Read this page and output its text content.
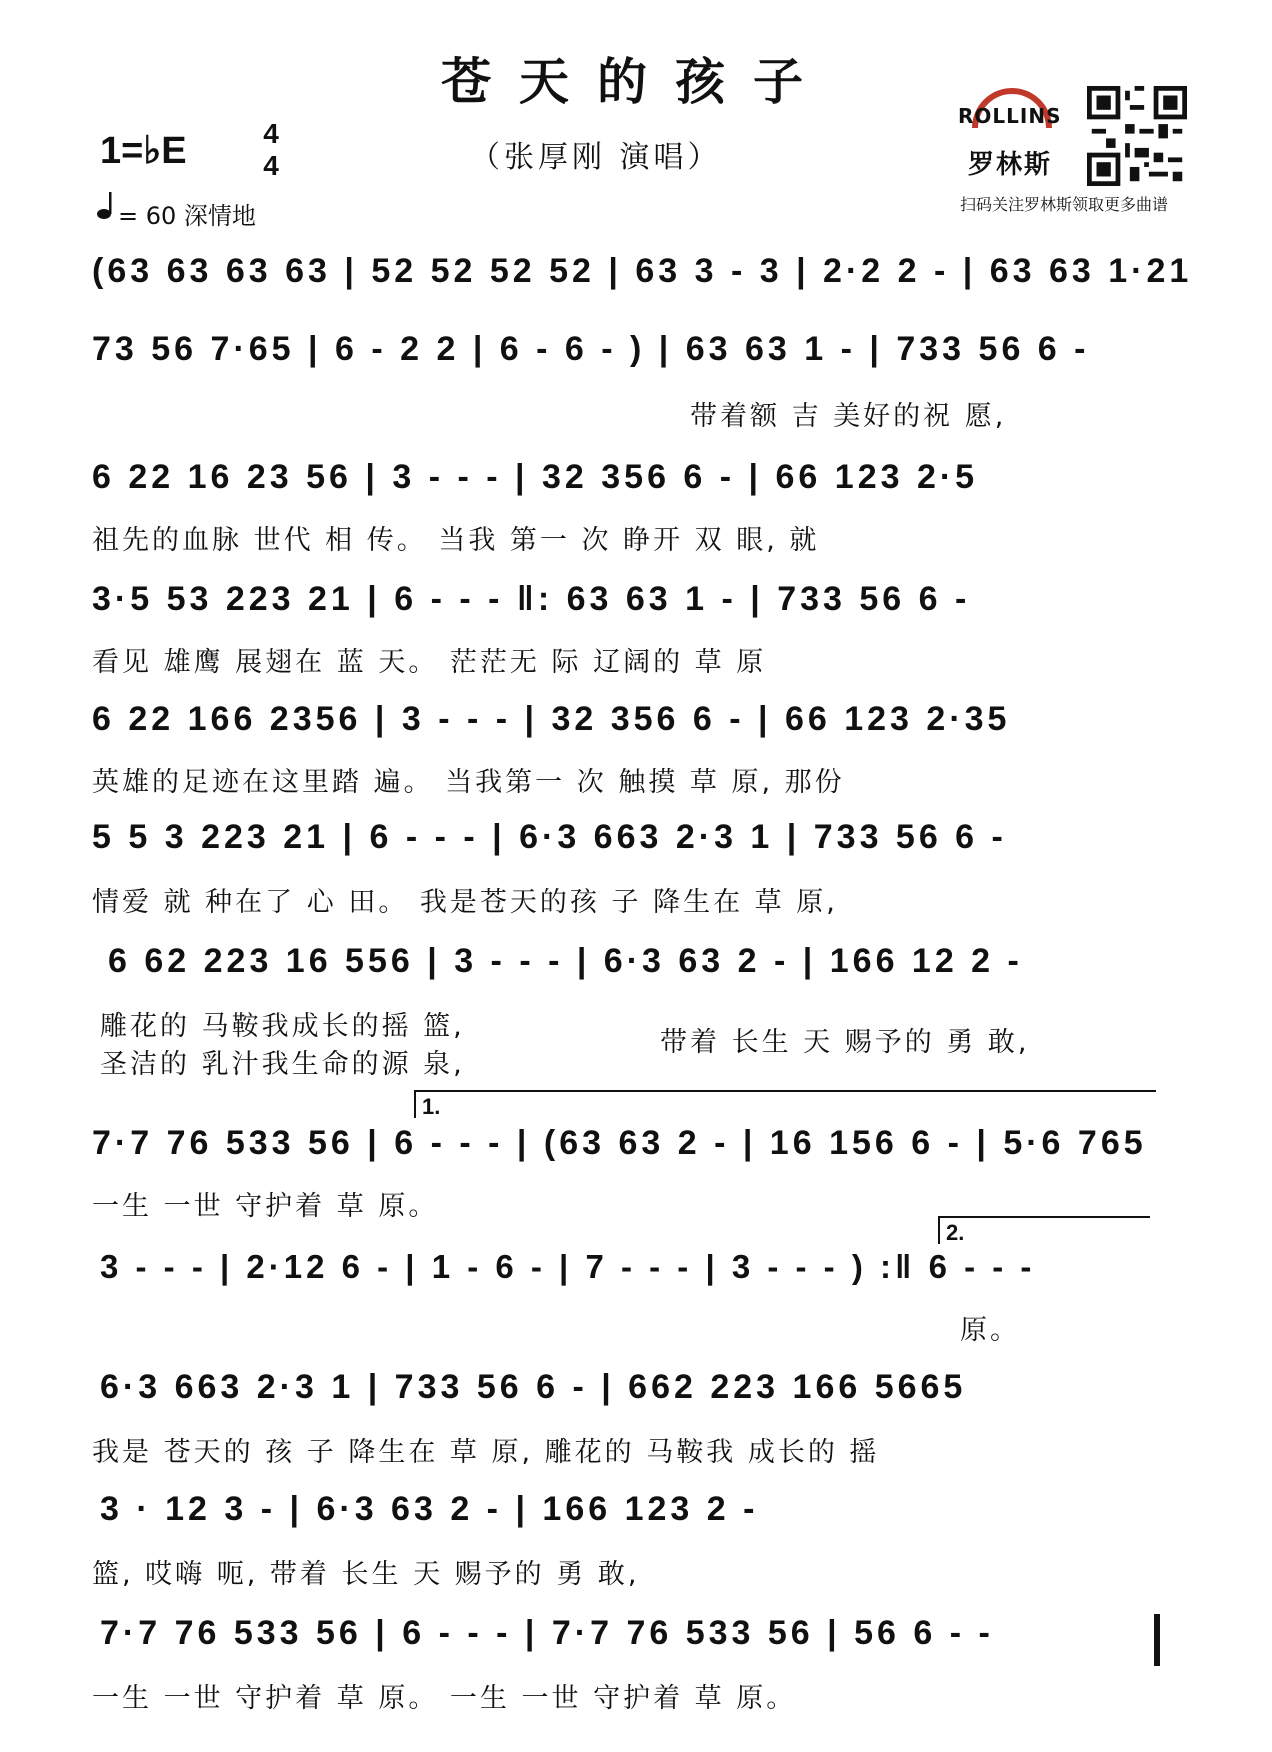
苍天的孩子
（张厚刚 演唱）
1=♭E	4
4
= 60 深情地
ROLLINS
罗林斯
扫码关注罗林斯领取更多曲谱
(63 63 63 63 | 52 52 52 52 | 63 3 - 3 | 2·2 2 - | 63 63 1·21
73 56 7·65 | 6 - 2 2 | 6 - 6 - ) | 63 63 1 - | 733 56 6 -
带着额 吉 美好的祝 愿,
6 22 16 23 56 | 3 - - - | 32 356 6 - | 66 123 2·5
祖先的血脉 世代 相 传。 当我 第一 次 睁开 双 眼, 就
3·5 53 223 21 | 6 - - - ‖: 63 63 1 - | 733 56 6 -
看见 雄鹰 展翅在 蓝 天。 茫茫无 际 辽阔的 草 原
6 22 166 2356 | 3 - - - | 32 356 6 - | 66 123 2·35
英雄的足迹在这里踏 遍。 当我第一 次 触摸 草 原, 那份
5 5 3 223 21 | 6 - - - | 6·3 663 2·3 1 | 733 56 6 -
情爱 就 种在了 心 田。 我是苍天的孩 子 降生在 草 原,
6 62 223 16 556 | 3 - - - | 6·3 63 2 - | 166 12 2 -
雕花的 马鞍我成长的摇 篮,
圣洁的 乳汁我生命的源 泉,
带着 长生 天 赐予的 勇 敢,
1.
7·7 76 533 56 | 6 - - - | (63 63 2 - | 16 156 6 - | 5·6 765
一生 一世 守护着 草 原。
2.
3 - - - | 2·12 6 - | 1 - 6 - | 7 - - - | 3 - - - ) :‖ 6 - - -
原。
6·3 663 2·3 1 | 733 56 6 - | 662 223 166 5665
我是 苍天的 孩 子 降生在 草 原, 雕花的 马鞍我 成长的 摇
3 · 12 3 - | 6·3 63 2 - | 166 123 2 -
篮, 哎嗨 呃, 带着 长生 天 赐予的 勇 敢,
7·7 76 533 56 | 6 - - - | 7·7 76 533 56 | 56 6 - -
一生 一世 守护着 草 原。 一生 一世 守护着 草 原。
